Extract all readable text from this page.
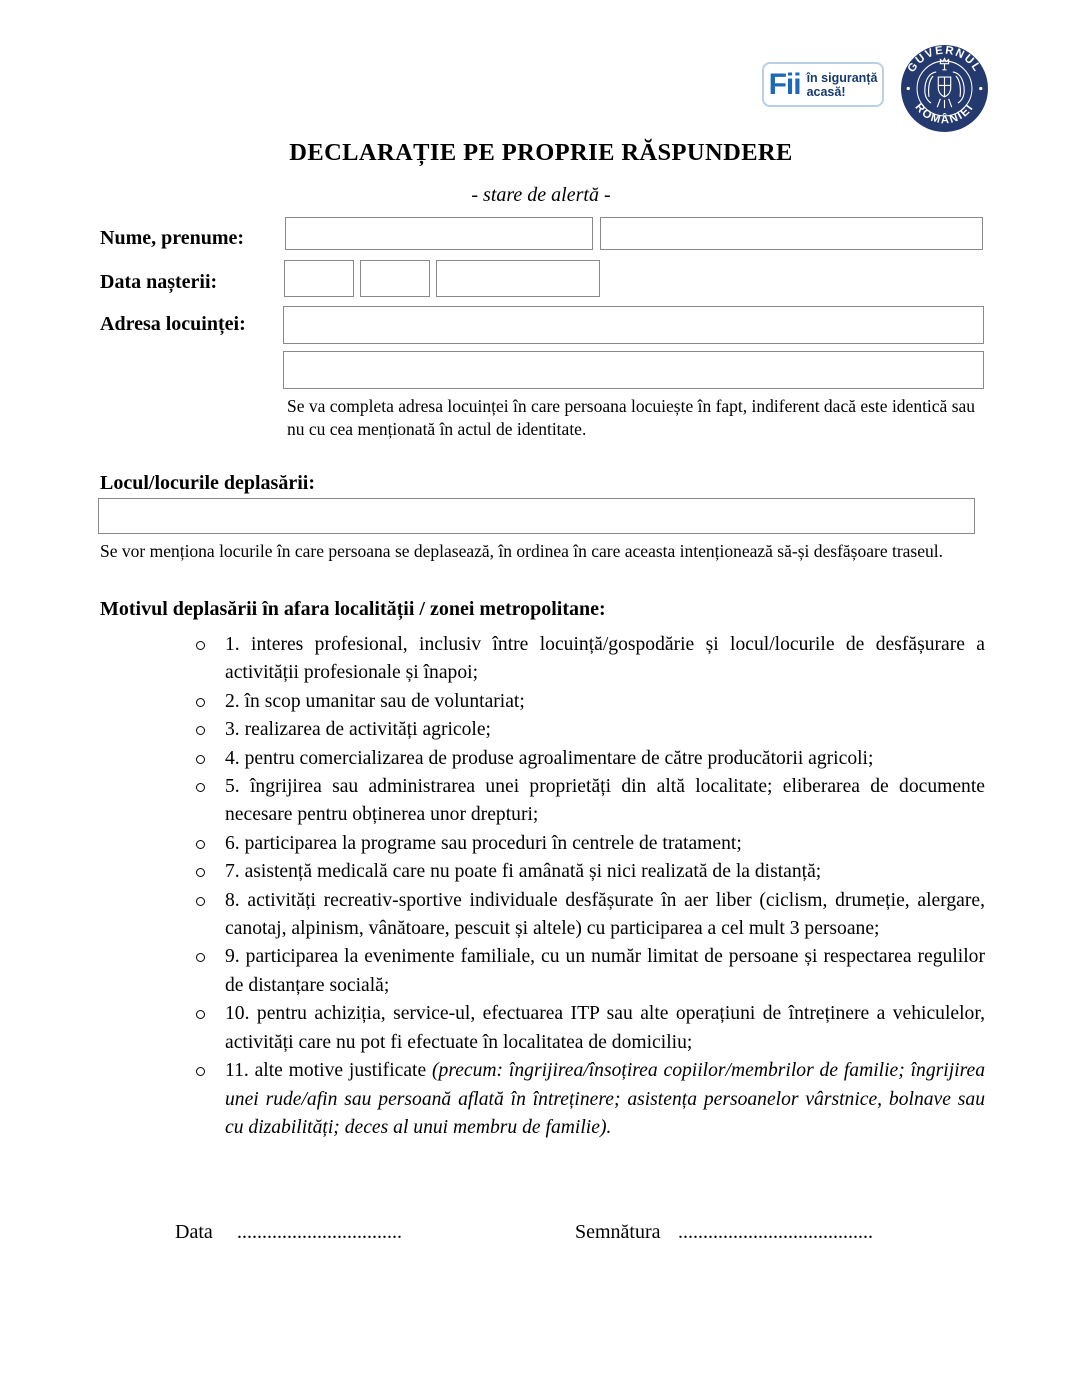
Fii în siguranță
acasă!
GUVERNUL
ROMÂNIEI
DECLARAȚIE PE PROPRIE RĂSPUNDERE
- stare de alertă -
Nume, prenume:
Data nașterii:
Adresa locuinței:
Se va completa adresa locuinței în care persoana locuiește în fapt, indiferent dacă este identică sau nu cu cea menționată în actul de identitate.
Locul/locurile deplasării:
Se vor menționa locurile în care persoana se deplasează, în ordinea în care aceasta intenționează să-și desfășoare traseul.
Motivul deplasării în afara localității / zonei metropolitane:
1. interes profesional, inclusiv între locuință/gospodărie și locul/locurile de desfășurare a activității profesionale și înapoi;
2. în scop umanitar sau de voluntariat;
3. realizarea de activități agricole;
4. pentru comercializarea de produse agroalimentare de către producătorii agricoli;
5. îngrijirea sau administrarea unei proprietăți din altă localitate; eliberarea de documente necesare pentru obținerea unor drepturi;
6. participarea la programe sau proceduri în centrele de tratament;
7. asistență medicală care nu poate fi amânată și nici realizată de la distanță;
8. activități recreativ-sportive individuale desfășurate în aer liber (ciclism, drumeție, alergare, canotaj, alpinism, vânătoare, pescuit și altele) cu participarea a cel mult 3 persoane;
9. participarea la evenimente familiale, cu un număr limitat de persoane și respectarea regulilor de distanțare socială;
10. pentru achiziția, service-ul, efectuarea ITP sau alte operațiuni de întreținere a vehiculelor, activități care nu pot fi efectuate în localitatea de domiciliu;
11. alte motive justificate (precum: îngrijirea/însoțirea copiilor/membrilor de familie; îngrijirea unei rude/afin sau persoană aflată în întreținere; asistența persoanelor vârstnice, bolnave sau cu dizabilități; deces al unui membru de familie).
Data .................................	Semnătura .......................................
